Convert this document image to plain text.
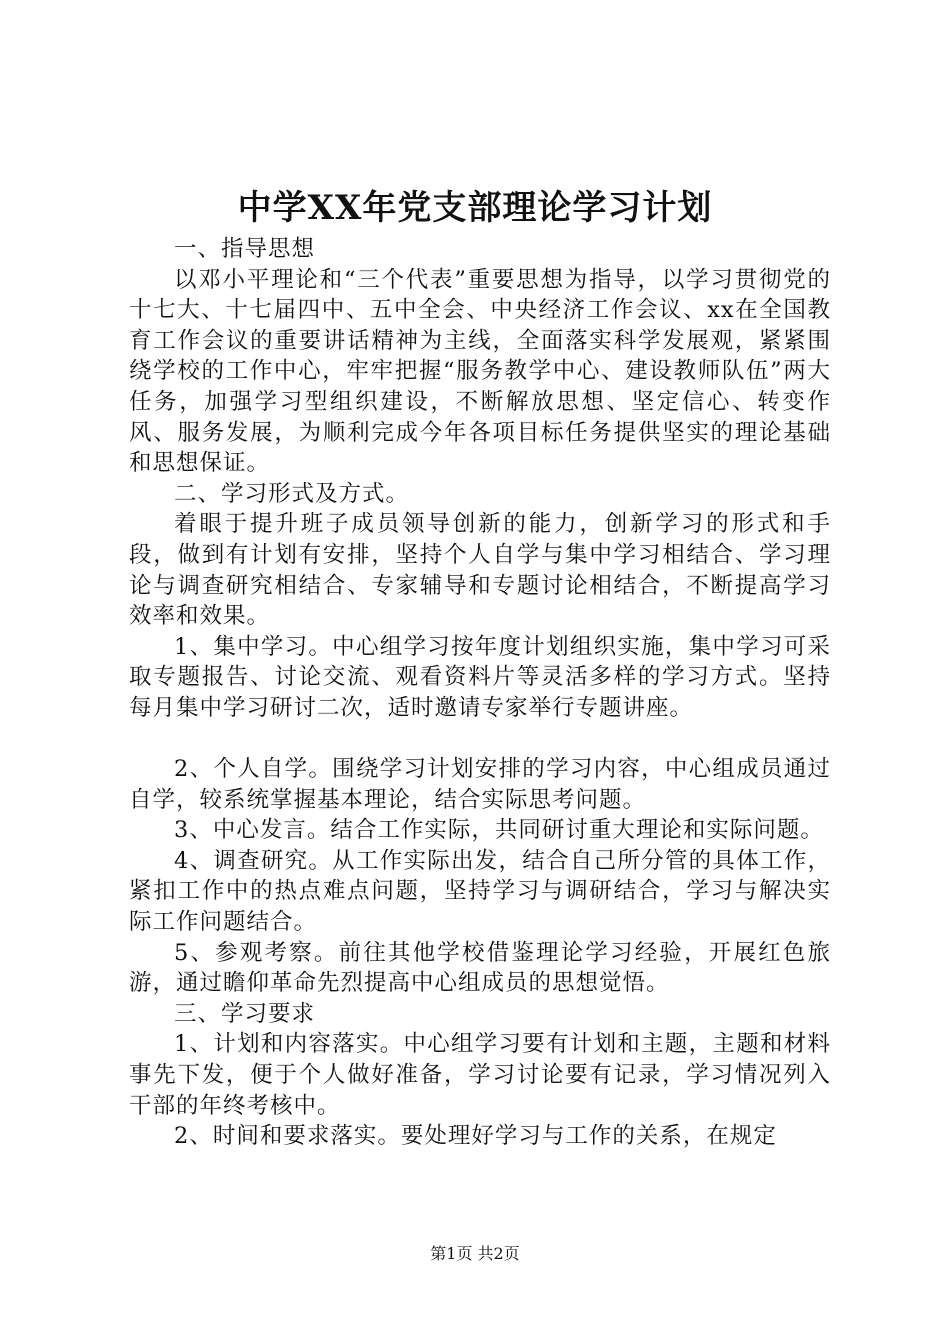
中学XX年党支部理论学习计划

一、指导思想

以邓小平理论和“三个代表”重要思想为指导，以学习贯彻党的十七大、十七届四中、五中全会、中央经济工作会议、xx在全国教育工作会议的重要讲话精神为主线，全面落实科学发展观，紧紧围绕学校的工作中心，牢牢把握“服务教学中心、建设教师队伍”两大任务，加强学习型组织建设，不断解放思想、坚定信心、转变作风、服务发展，为顺利完成今年各项目标任务提供坚实的理论基础和思想保证。

二、学习形式及方式。

着眼于提升班子成员领导创新的能力，创新学习的形式和手段，做到有计划有安排，坚持个人自学与集中学习相结合、学习理论与调查研究相结合、专家辅导和专题讨论相结合，不断提高学习效率和效果。

1、集中学习。中心组学习按年度计划组织实施，集中学习可采取专题报告、讨论交流、观看资料片等灵活多样的学习方式。坚持每月集中学习研讨二次，适时邀请专家举行专题讲座。

2、个人自学。围绕学习计划安排的学习内容，中心组成员通过自学，较系统掌握基本理论，结合实际思考问题。

3、中心发言。结合工作实际，共同研讨重大理论和实际问题。

4、调查研究。从工作实际出发，结合自己所分管的具体工作，紧扣工作中的热点难点问题，坚持学习与调研结合，学习与解决实际工作问题结合。

5、参观考察。前往其他学校借鉴理论学习经验，开展红色旅游，通过瞻仰革命先烈提高中心组成员的思想觉悟。

三、学习要求

1、计划和内容落实。中心组学习要有计划和主题，主题和材料事先下发，便于个人做好准备，学习讨论要有记录，学习情况列入干部的年终考核中。

2、时间和要求落实。要处理好学习与工作的关系，在规定

第1页 共2页
